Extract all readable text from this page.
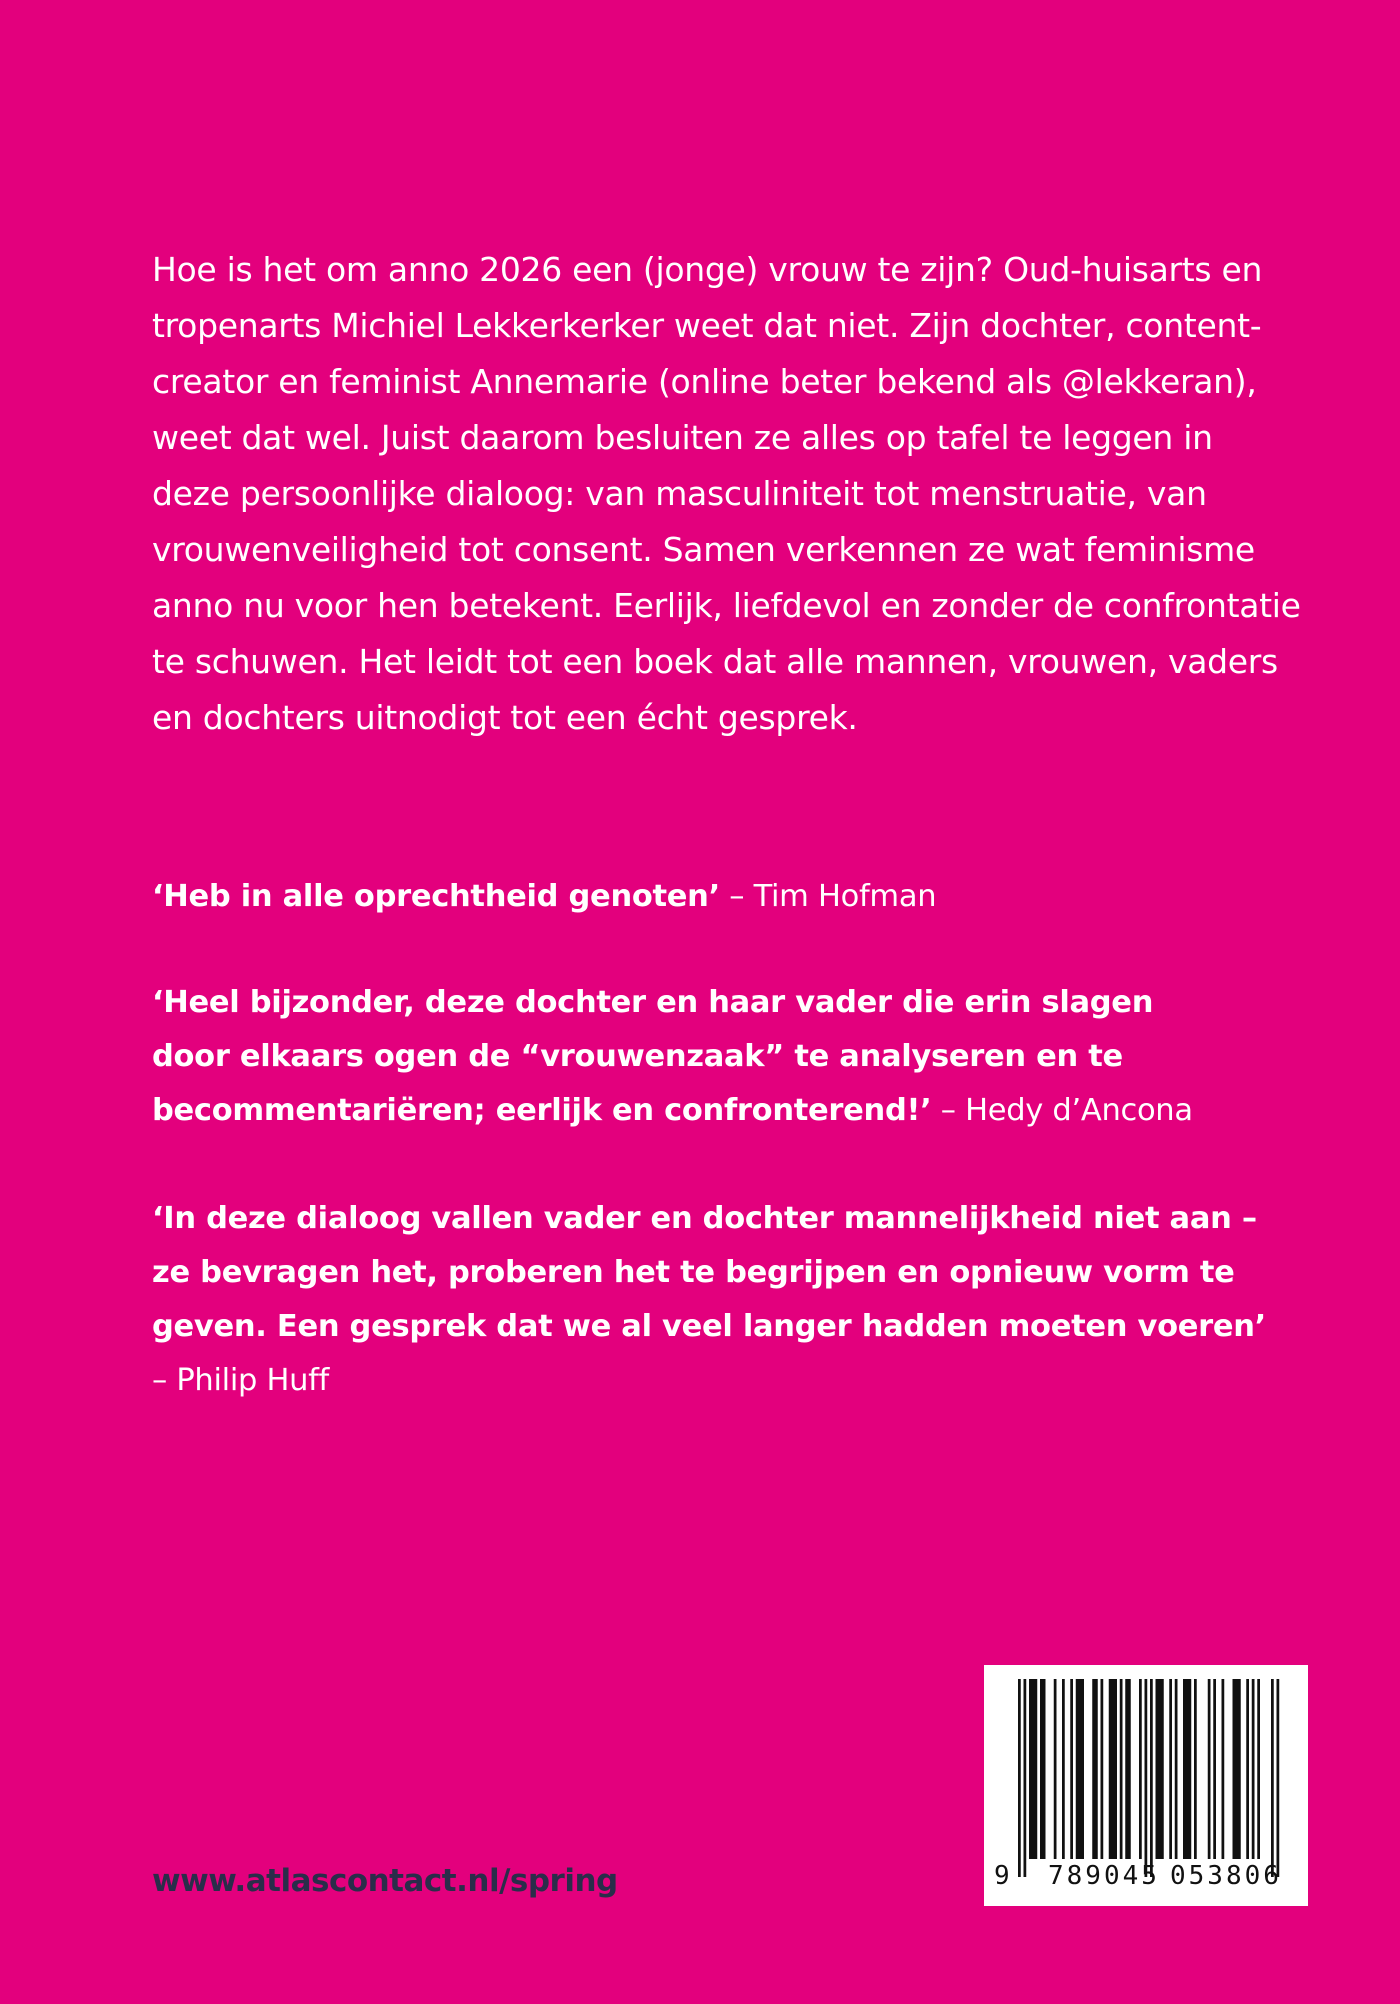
Hoe is het om anno 2026 een (jonge) vrouw te zijn? Oud-huisarts en
tropenarts Michiel Lekkerkerker weet dat niet. Zijn dochter, content-
creator en feminist Annemarie (online beter bekend als @lekkeran),
weet dat wel. Juist daarom besluiten ze alles op tafel te leggen in
deze persoonlijke dialoog: van masculiniteit tot menstruatie, van
vrouwenveiligheid tot consent. Samen verkennen ze wat feminisme
anno nu voor hen betekent. Eerlijk, liefdevol en zonder de confrontatie
te schuwen. Het leidt tot een boek dat alle mannen, vrouwen, vaders
en dochters uitnodigt tot een écht gesprek.
‘Heb in alle oprechtheid genoten’ – Tim Hofman
‘Heel bijzonder, deze dochter en haar vader die erin slagen
door elkaars ogen de “vrouwenzaak” te analyseren en te
becommentariëren; eerlijk en confronterend!’ – Hedy d’Ancona
‘In deze dialoog vallen vader en dochter mannelijkheid niet aan –
ze bevragen het, proberen het te begrijpen en opnieuw vorm te
geven. Een gesprek dat we al veel langer hadden moeten voeren’
– Philip Huff
www.atlascontact.nl/spring	9 789045 053806
